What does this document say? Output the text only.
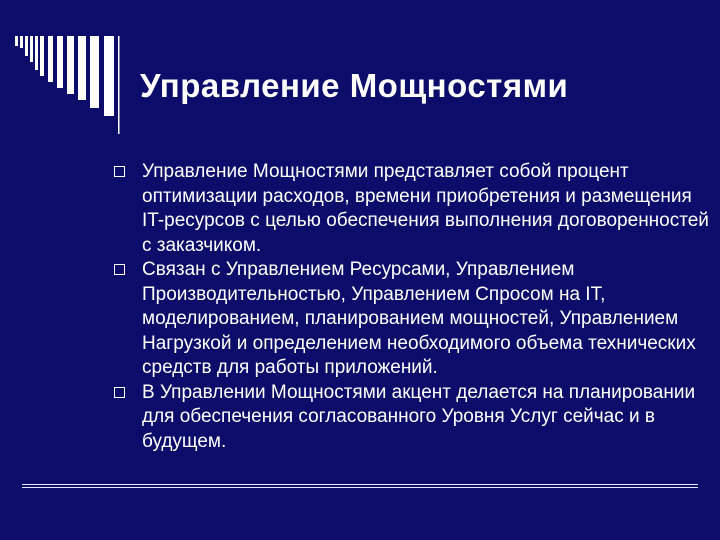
Управление Мощностями
Управление Мощностями представляет собой процент оптимизации расходов, времени приобретения и размещения IT-ресурсов с целью обеспечения выполнения договоренностей с заказчиком.
Связан с Управлением Ресурсами, Управлением Производительностью, Управлением Спросом на IT, моделированием, планированием мощностей, Управлением Нагрузкой и определением необходимого объема технических средств для работы приложений.
В Управлении Мощностями акцент делается на планировании для обеспечения согласованного Уровня Услуг сейчас и в будущем.
